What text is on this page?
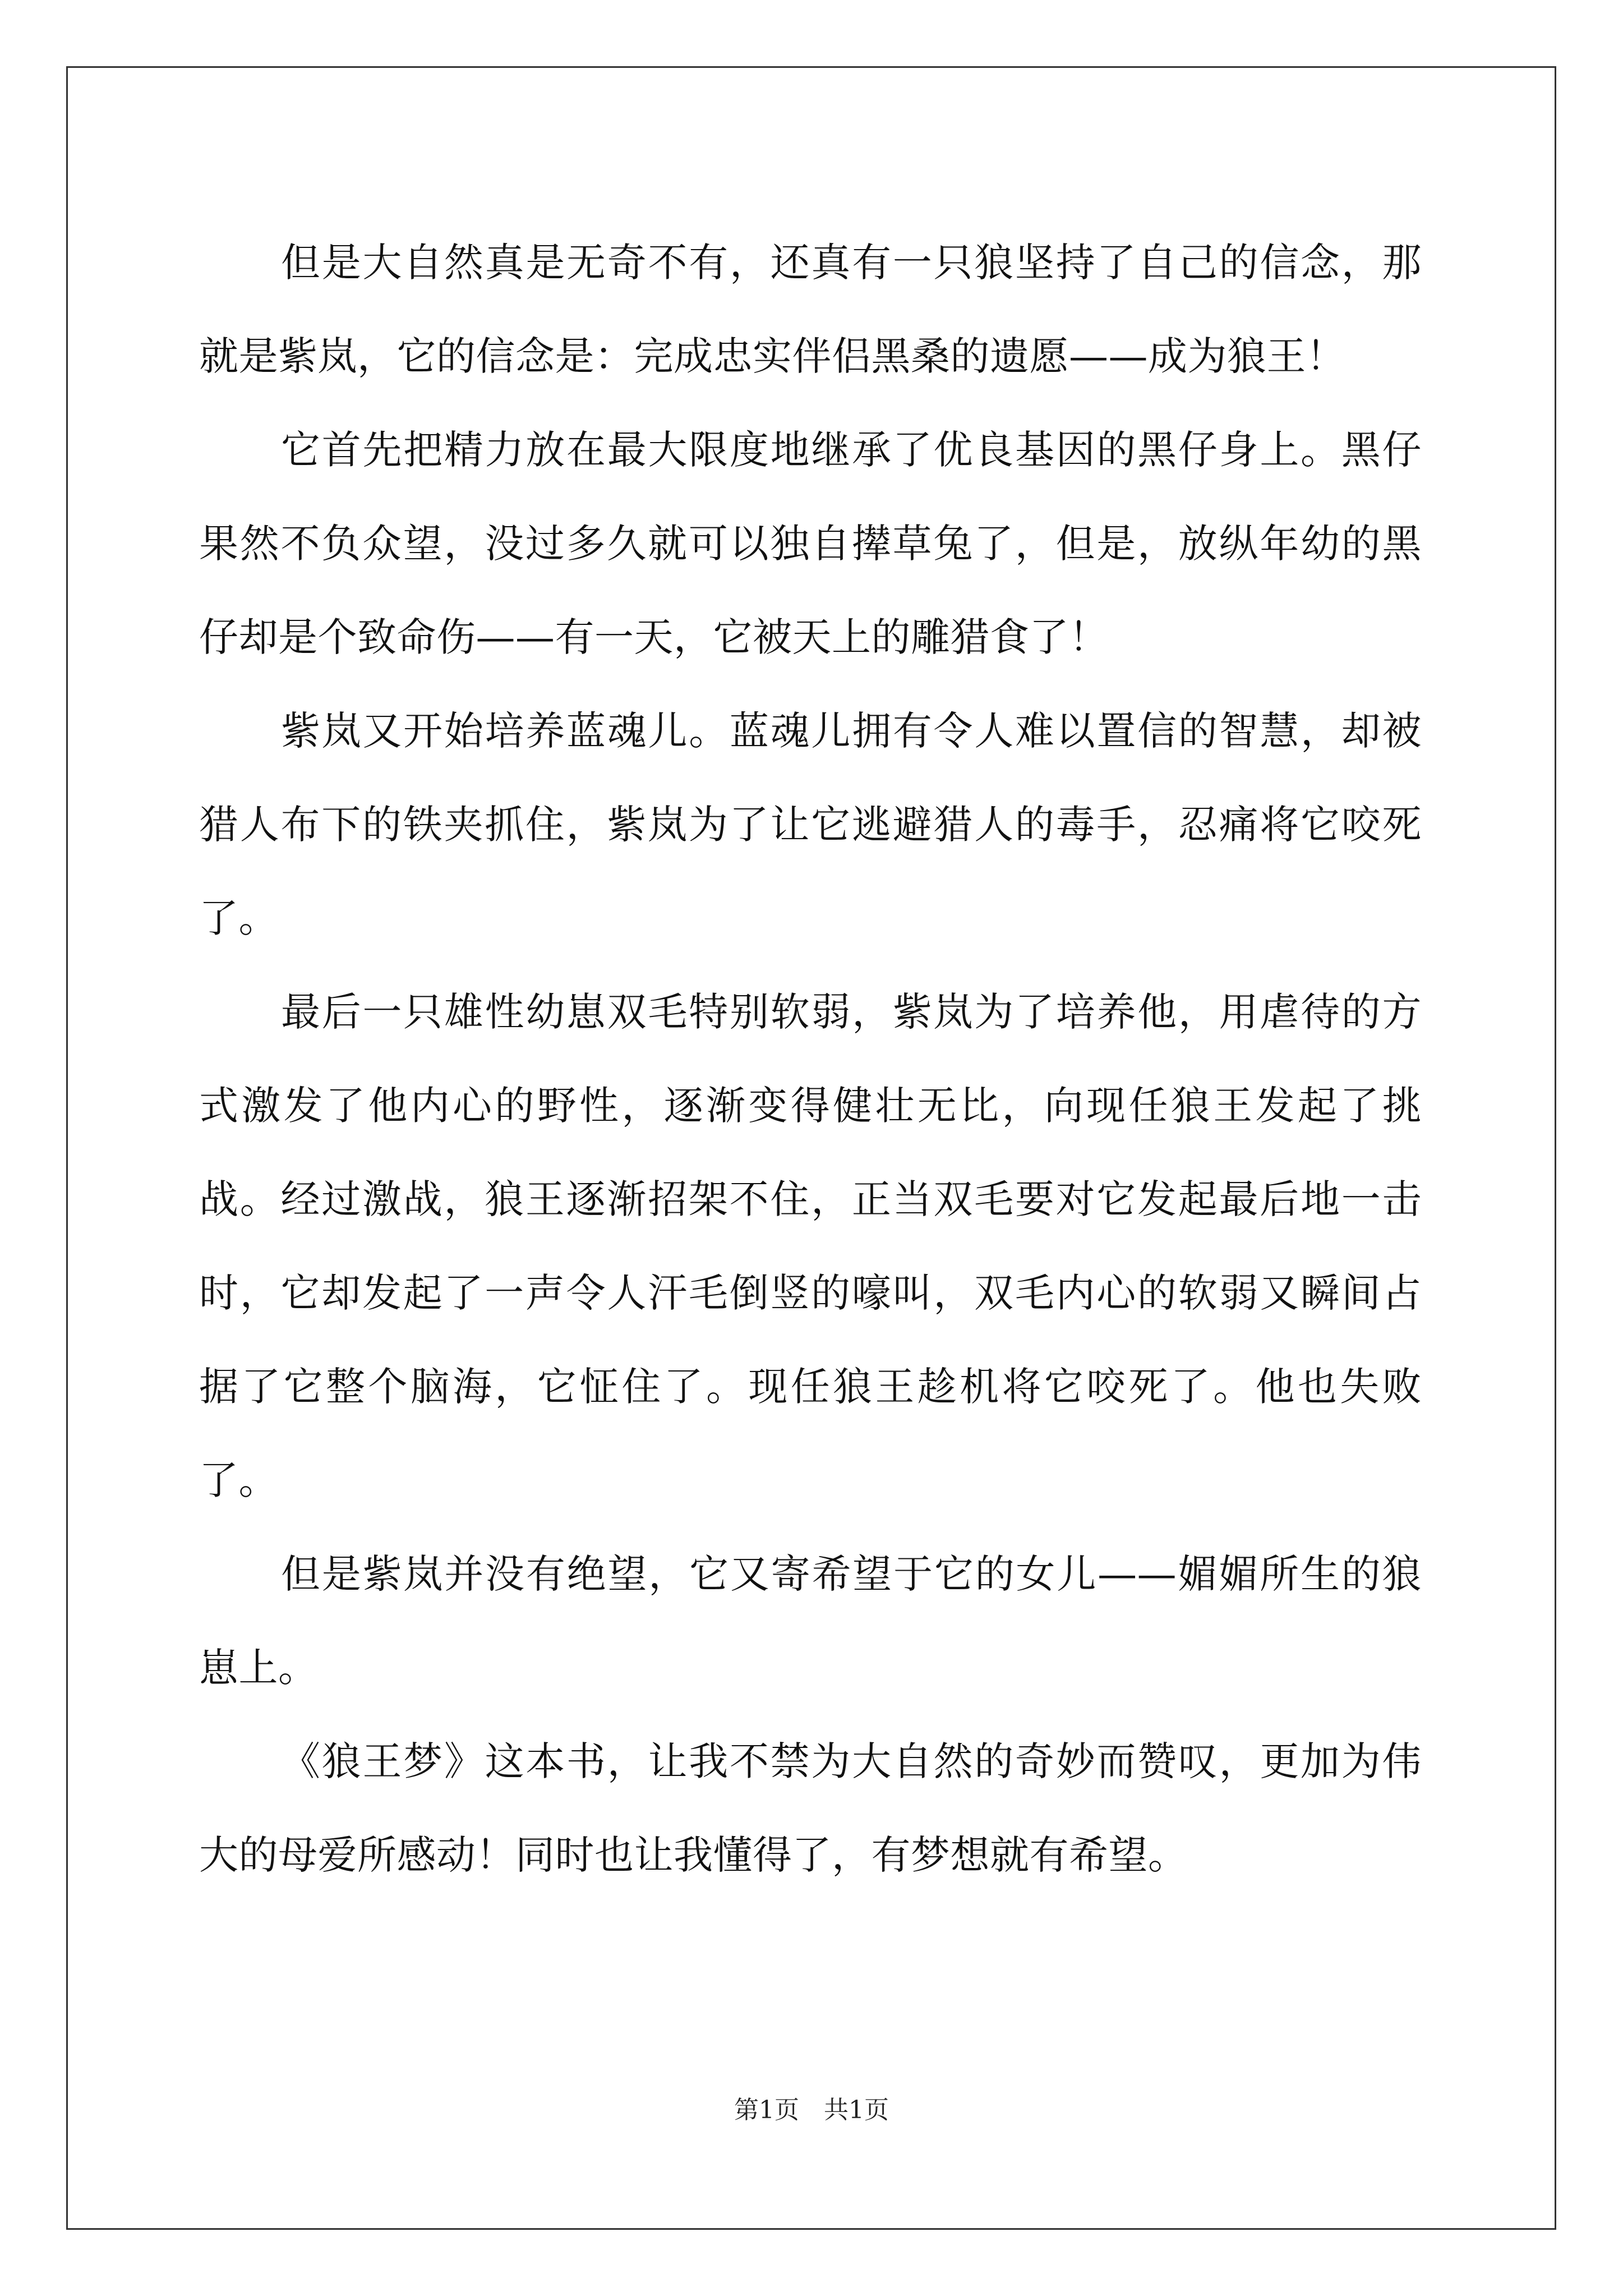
但是大自然真是无奇不有，还真有一只狼坚持了自己的信念，那就是紫岚，它的信念是：完成忠实伴侣黑桑的遗愿——成为狼王！

它首先把精力放在最大限度地继承了优良基因的黑仔身上。黑仔果然不负众望，没过多久就可以独自撵草兔了，但是，放纵年幼的黑仔却是个致命伤——有一天，它被天上的雕猎食了！

紫岚又开始培养蓝魂儿。蓝魂儿拥有令人难以置信的智慧，却被猎人布下的铁夹抓住，紫岚为了让它逃避猎人的毒手，忍痛将它咬死了。

最后一只雄性幼崽双毛特别软弱，紫岚为了培养他，用虐待的方式激发了他内心的野性，逐渐变得健壮无比，向现任狼王发起了挑战。经过激战，狼王逐渐招架不住，正当双毛要对它发起最后地一击时，它却发起了一声令人汗毛倒竖的嚎叫，双毛内心的软弱又瞬间占据了它整个脑海，它怔住了。现任狼王趁机将它咬死了。他也失败了。

但是紫岚并没有绝望，它又寄希望于它的女儿——媚媚所生的狼崽上。

《狼王梦》这本书，让我不禁为大自然的奇妙而赞叹，更加为伟大的母爱所感动！同时也让我懂得了，有梦想就有希望。

第1页　共1页
